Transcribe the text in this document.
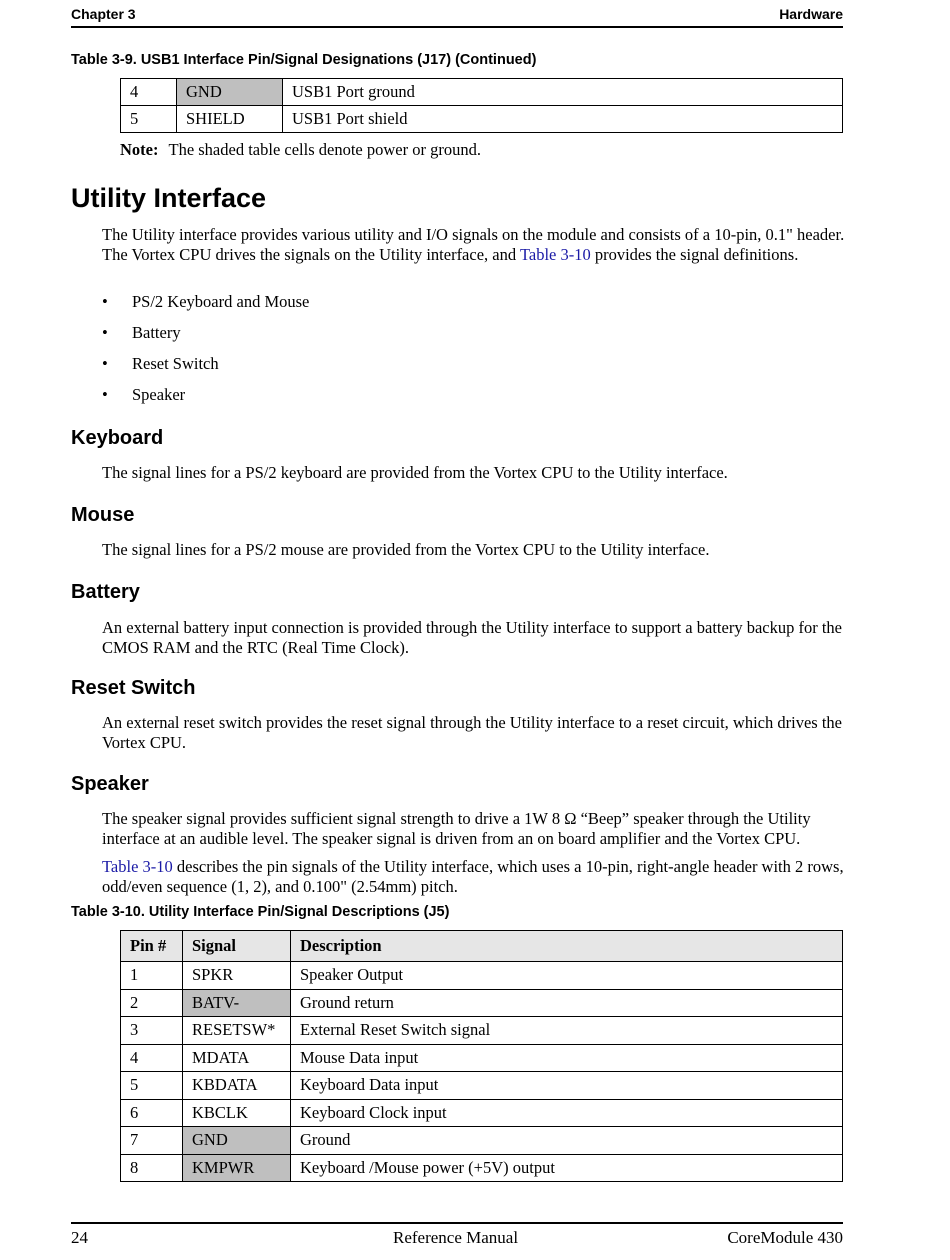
Chapter 3	Hardware
Table 3-9. USB1 Interface Pin/Signal Designations (J17) (Continued)
4	GND	USB1 Port ground
5	SHIELD	USB1 Port shield
Note: The shaded table cells denote power or ground.
Utility Interface

The Utility interface provides various utility and I/O signals on the module and consists of a 10-pin, 0.1" header. The Vortex CPU drives the signals on the Utility interface, and Table 3-10 provides the signal definitions.

• PS/2 Keyboard and Mouse
• Battery
• Reset Switch
• Speaker
Keyboard

The signal lines for a PS/2 keyboard are provided from the Vortex CPU to the Utility interface.

Mouse

The signal lines for a PS/2 mouse are provided from the Vortex CPU to the Utility interface.

Battery

An external battery input connection is provided through the Utility interface to support a battery backup for the CMOS RAM and the RTC (Real Time Clock).

Reset Switch

An external reset switch provides the reset signal through the Utility interface to a reset circuit, which drives the Vortex CPU.

Speaker

The speaker signal provides sufficient signal strength to drive a 1W 8 Ω “Beep” speaker through the Utility interface at an audible level. The speaker signal is driven from an on board amplifier and the Vortex CPU.

Table 3-10 describes the pin signals of the Utility interface, which uses a 10-pin, right-angle header with 2 rows, odd/even sequence (1, 2), and 0.100" (2.54mm) pitch.

Table 3-10. Utility Interface Pin/Signal Descriptions (J5)
Pin #	Signal	Description
1	SPKR	Speaker Output
2	BATV-	Ground return
3	RESETSW*	External Reset Switch signal
4	MDATA	Mouse Data input
5	KBDATA	Keyboard Data input
6	KBCLK	Keyboard Clock input
7	GND	Ground
8	KMPWR	Keyboard /Mouse power (+5V) output
24	Reference Manual	CoreModule 430
